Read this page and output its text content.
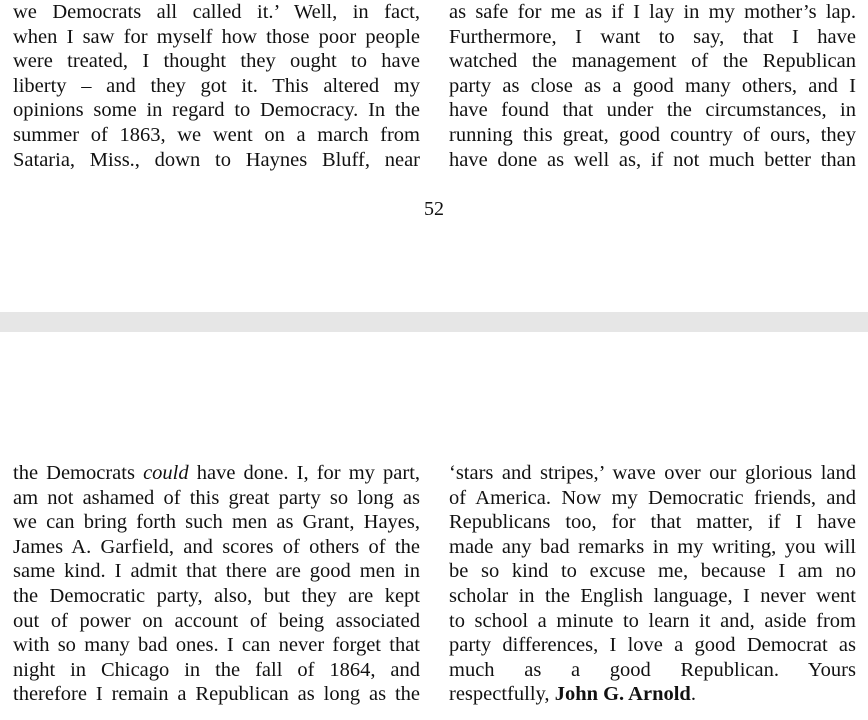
we Democrats all called it.’ Well, in fact,
when I saw for myself how those poor people
were treated, I thought they ought to have
liberty – and they got it. This altered my
opinions some in regard to Democracy. In the
summer of 1863, we went on a march from
Sataria, Miss., down to Haynes Bluff, near
as safe for me as if I lay in my mother’s lap.
Furthermore, I want to say, that I have
watched the management of the Republican
party as close as a good many others, and I
have found that under the circumstances, in
running this great, good country of ours, they
have done as well as, if not much better than
52
the Democrats could have done. I, for my part,
am not ashamed of this great party so long as
we can bring forth such men as Grant, Hayes,
James A. Garfield, and scores of others of the
same kind. I admit that there are good men in
the Democratic party, also, but they are kept
out of power on account of being associated
with so many bad ones. I can never forget that
night in Chicago in the fall of 1864, and
therefore I remain a Republican as long as the
‘stars and stripes,’ wave over our glorious land
of America. Now my Democratic friends, and
Republicans too, for that matter, if I have
made any bad remarks in my writing, you will
be so kind to excuse me, because I am no
scholar in the English language, I never went
to school a minute to learn it and, aside from
party differences, I love a good Democrat as
much as a good Republican. Yours
respectfully, John G. Arnold.
